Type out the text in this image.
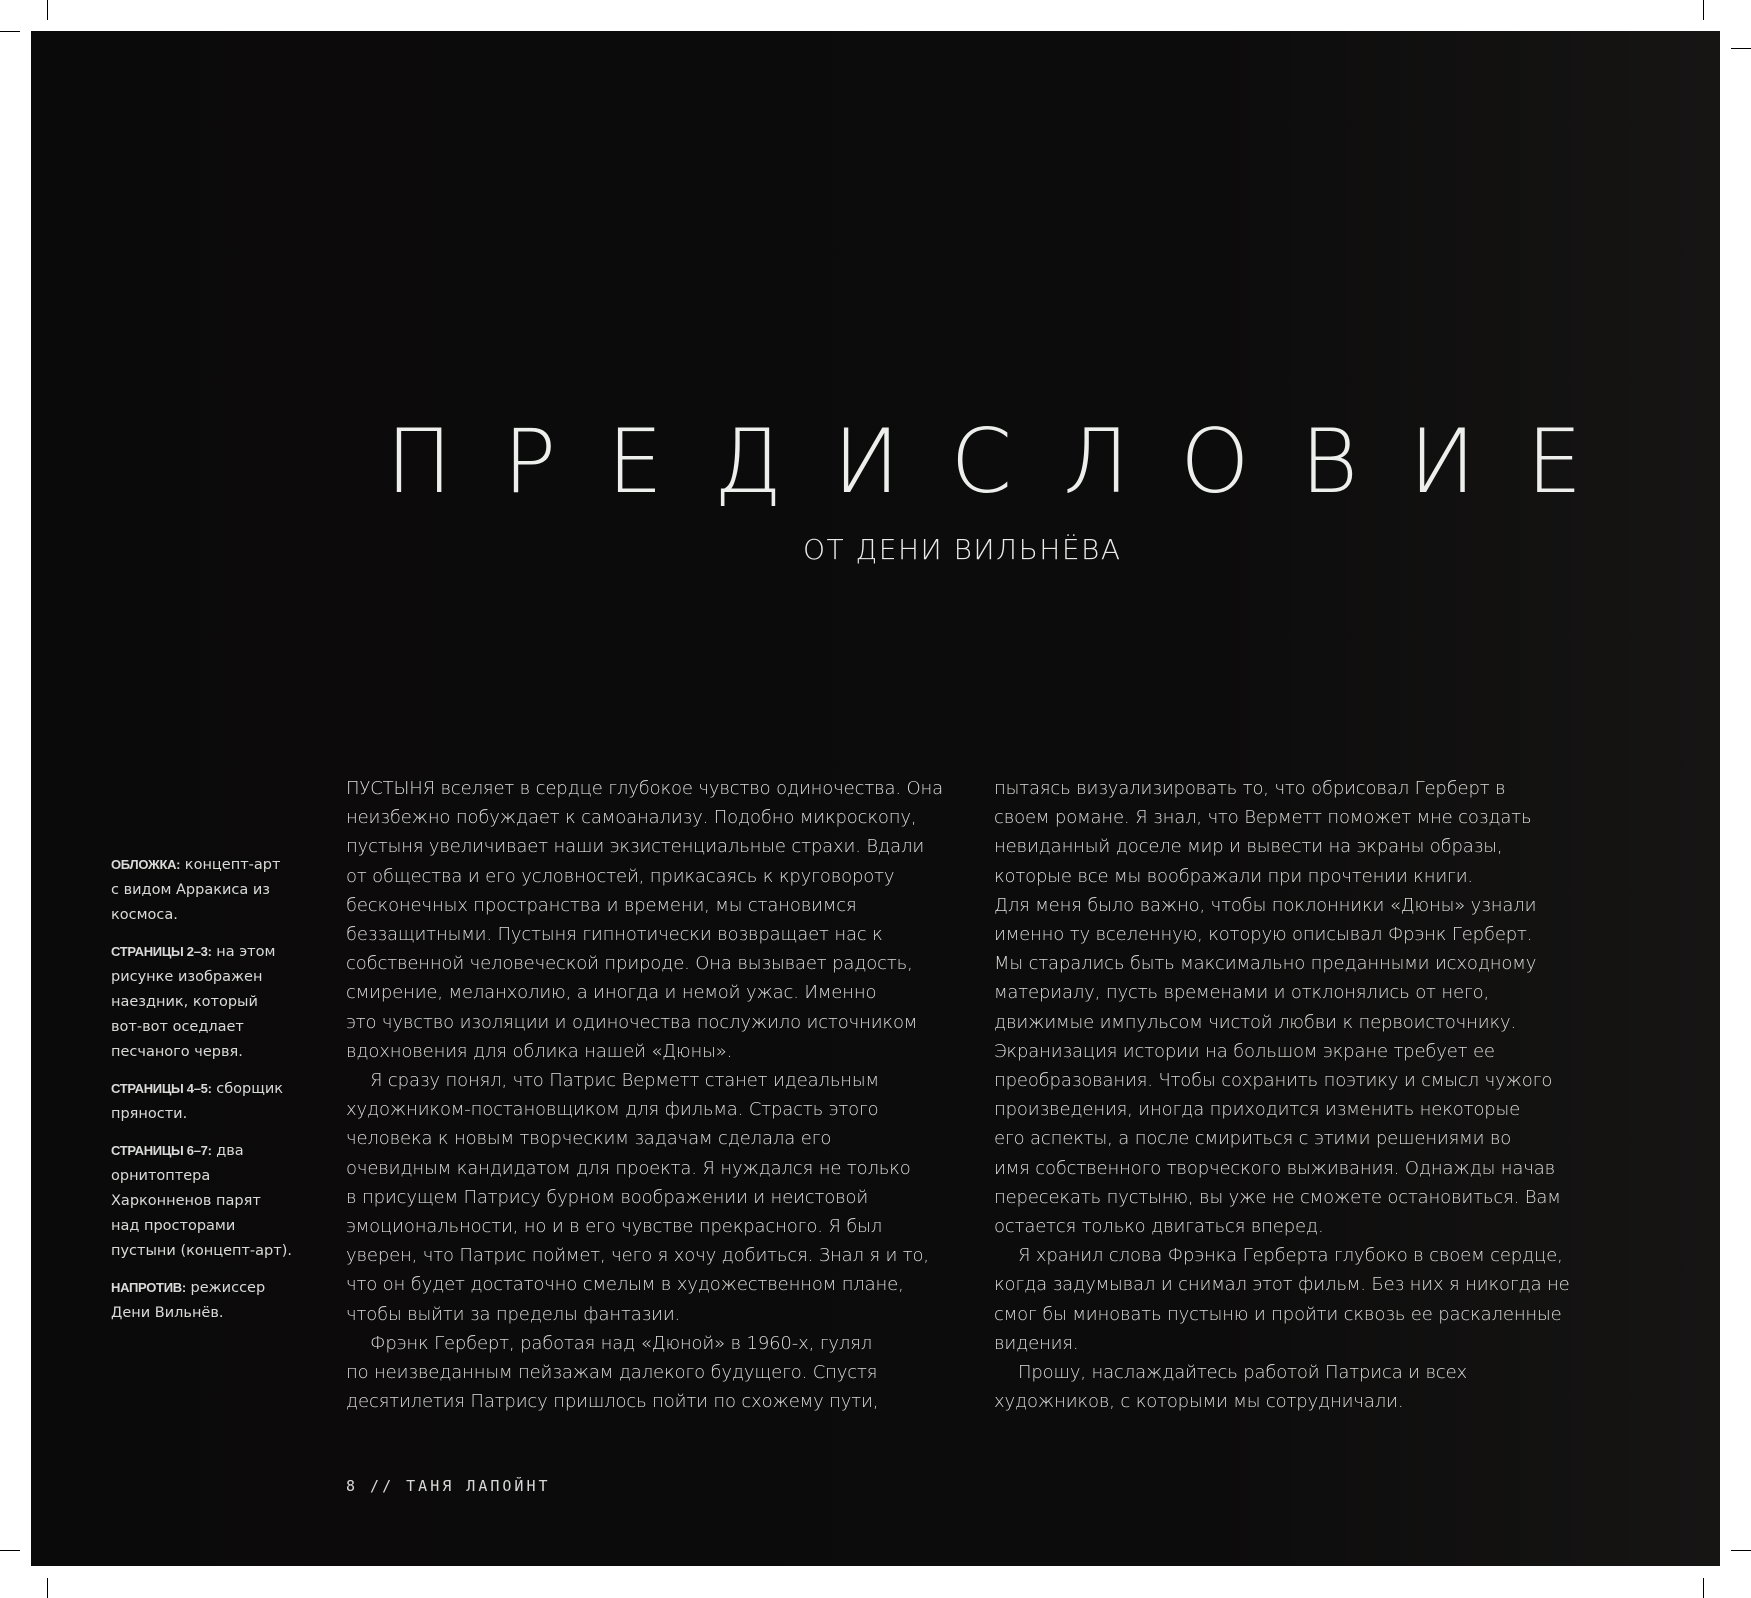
ПРЕДИСЛОВИЕ
ОТ ДЕНИ ВИЛЬНЁВА

ОБЛОЖКА: концепт-арт
с видом Арракиса из
космоса.

СТРАНИЦЫ 2–3: на этом
рисунке изображен
наездник, который
вот-вот оседлает
песчаного червя.

СТРАНИЦЫ 4–5: сборщик
пряности.

СТРАНИЦЫ 6–7: два
орнитоптера
Харконненов парят
над просторами
пустыни (концепт-арт).

НАПРОТИВ: режиссер
Дени Вильнёв.

ПУСТЫНЯ вселяет в сердце глубокое чувство одиночества. Она
неизбежно побуждает к самоанализу. Подобно микроскопу,
пустыня увеличивает наши экзистенциальные страхи. Вдали
от общества и его условностей, прикасаясь к круговороту
бесконечных пространства и времени, мы становимся
беззащитными. Пустыня гипнотически возвращает нас к
собственной человеческой природе. Она вызывает радость,
смирение, меланхолию, а иногда и немой ужас. Именно
это чувство изоляции и одиночества послужило источником
вдохновения для облика нашей «Дюны».
Я сразу понял, что Патрис Верметт станет идеальным
художником-постановщиком для фильма. Страсть этого
человека к новым творческим задачам сделала его
очевидным кандидатом для проекта. Я нуждался не только
в присущем Патрису бурном воображении и неистовой
эмоциональности, но и в его чувстве прекрасного. Я был
уверен, что Патрис поймет, чего я хочу добиться. Знал я и то,
что он будет достаточно смелым в художественном плане,
чтобы выйти за пределы фантазии.
Фрэнк Герберт, работая над «Дюной» в 1960-х, гулял
по неизведанным пейзажам далекого будущего. Спустя
десятилетия Патрису пришлось пойти по схожему пути,
пытаясь визуализировать то, что обрисовал Герберт в
своем романе. Я знал, что Верметт поможет мне создать
невиданный доселе мир и вывести на экраны образы,
которые все мы воображали при прочтении книги.
Для меня было важно, чтобы поклонники «Дюны» узнали
именно ту вселенную, которую описывал Фрэнк Герберт.
Мы старались быть максимально преданными исходному
материалу, пусть временами и отклонялись от него,
движимые импульсом чистой любви к первоисточнику.
Экранизация истории на большом экране требует ее
преобразования. Чтобы сохранить поэтику и смысл чужого
произведения, иногда приходится изменить некоторые
его аспекты, а после смириться с этими решениями во
имя собственного творческого выживания. Однажды начав
пересекать пустыню, вы уже не сможете остановиться. Вам
остается только двигаться вперед.
Я хранил слова Фрэнка Герберта глубоко в своем сердце,
когда задумывал и снимал этот фильм. Без них я никогда не
смог бы миновать пустыню и пройти сквозь ее раскаленные
видения.
Прошу, наслаждайтесь работой Патриса и всех
художников, с которыми мы сотрудничали.
8 // ТАНЯ ЛАПОЙНТ
